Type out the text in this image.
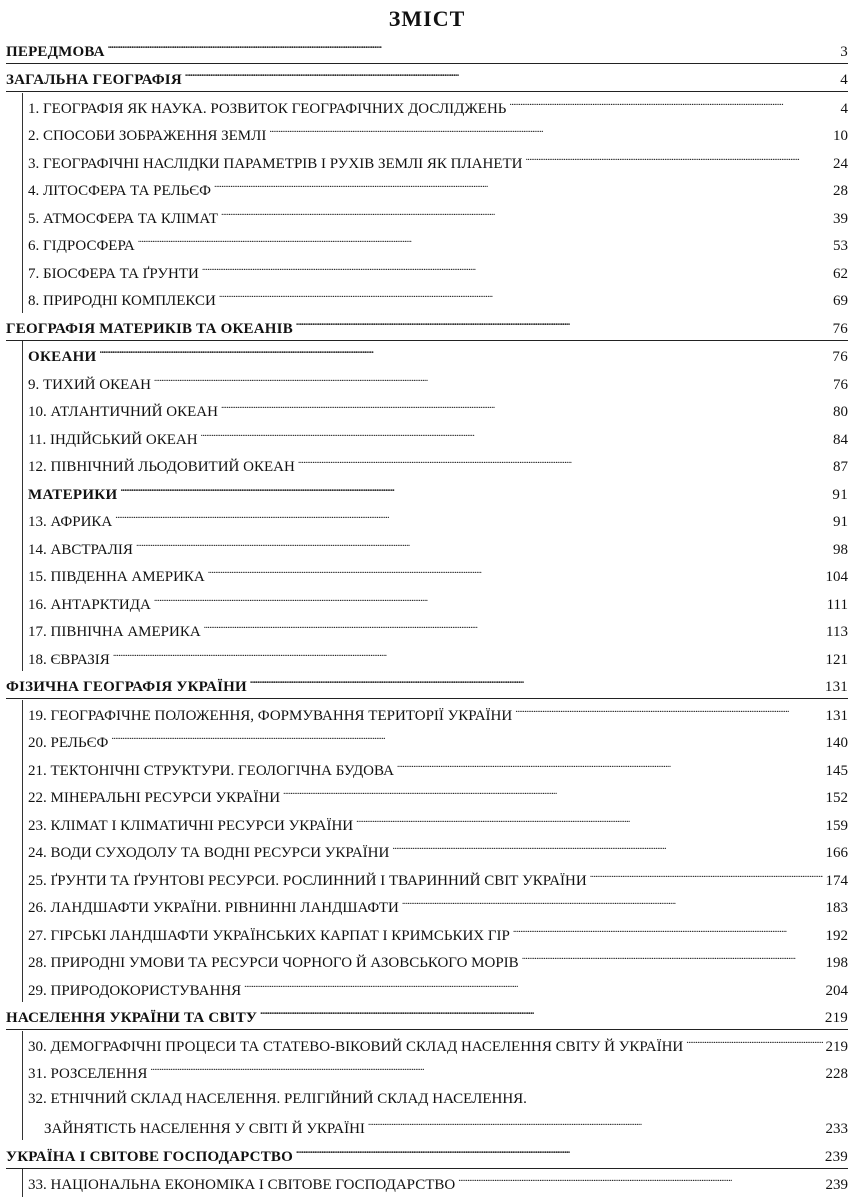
ЗМІСТ
ПЕРЕДМОВА . . .	3
ЗАГАЛЬНА ГЕОГРАФІЯ . . .	4
1. ГЕОГРАФІЯ ЯК НАУКА. РОЗВИТОК ГЕОГРАФІЧНИХ ДОСЛІДЖЕНЬ . . .	4
2. СПОСОБИ ЗОБРАЖЕННЯ ЗЕМЛІ . . .	10
3. ГЕОГРАФІЧНІ НАСЛІДКИ ПАРАМЕТРІВ І РУХІВ ЗЕМЛІ ЯК ПЛАНЕТИ . . .	24
4. ЛІТОСФЕРА ТА РЕЛЬЄФ . . .	28
5. АТМОСФЕРА ТА КЛІМАТ . . .	39
6. ГІДРОСФЕРА . . .	53
7. БІОСФЕРА ТА ҐРУНТИ . . .	62
8. ПРИРОДНІ КОМПЛЕКСИ . . .	69
ГЕОГРАФІЯ МАТЕРИКІВ ТА ОКЕАНІВ . . .	76
ОКЕАНИ . . .	76
9. ТИХИЙ ОКЕАН . . .	76
10. АТЛАНТИЧНИЙ ОКЕАН . . .	80
11. ІНДІЙСЬКИЙ ОКЕАН . . .	84
12. ПІВНІЧНИЙ ЛЬОДОВИТИЙ ОКЕАН . . .	87
МАТЕРИКИ . . .	91
13. АФРИКА . . .	91
14. АВСТРАЛІЯ . . .	98
15. ПІВДЕННА АМЕРИКА . . .	104
16. АНТАРКТИДА . . .	111
17. ПІВНІЧНА АМЕРИКА . . .	113
18. ЄВРАЗІЯ . . .	121
ФІЗИЧНА ГЕОГРАФІЯ УКРАЇНИ . . .	131
19. ГЕОГРАФІЧНЕ ПОЛОЖЕННЯ, ФОРМУВАННЯ ТЕРИТОРІЇ УКРАЇНИ . . .	131
20. РЕЛЬЄФ . . .	140
21. ТЕКТОНІЧНІ СТРУКТУРИ. ГЕОЛОГІЧНА БУДОВА . . .	145
22. МІНЕРАЛЬНІ РЕСУРСИ УКРАЇНИ . . .	152
23. КЛІМАТ І КЛІМАТИЧНІ РЕСУРСИ УКРАЇНИ . . .	159
24. ВОДИ СУХОДОЛУ ТА ВОДНІ РЕСУРСИ УКРАЇНИ . . .	166
25. ҐРУНТИ ТА ҐРУНТОВІ РЕСУРСИ. РОСЛИННИЙ І ТВАРИННИЙ СВІТ УКРАЇНИ . . .	174
26. ЛАНДШАФТИ УКРАЇНИ. РІВНИННІ ЛАНДШАФТИ . . .	183
27. ГІРСЬКІ ЛАНДШАФТИ УКРАЇНСЬКИХ КАРПАТ І КРИМСЬКИХ ГІР . . .	192
28. ПРИРОДНІ УМОВИ ТА РЕСУРСИ ЧОРНОГО Й АЗОВСЬКОГО МОРІВ . . .	198
29. ПРИРОДОКОРИСТУВАННЯ . . .	204
НАСЕЛЕННЯ УКРАЇНИ ТА СВІТУ . . .	219
30. ДЕМОГРАФІЧНІ ПРОЦЕСИ ТА СТАТЕВО-ВІКОВИЙ СКЛАД НАСЕЛЕННЯ СВІТУ Й УКРАЇНИ . . .	219
31. РОЗСЕЛЕННЯ . . .	228
32. ЕТНІЧНИЙ СКЛАД НАСЕЛЕННЯ. РЕЛІГІЙНИЙ СКЛАД НАСЕЛЕННЯ.
ЗАЙНЯТІСТЬ НАСЕЛЕННЯ У СВІТІ Й УКРАЇНІ . . .	233
УКРАЇНА І СВІТОВЕ ГОСПОДАРСТВО . . .	239
33. НАЦІОНАЛЬНА ЕКОНОМІКА І СВІТОВЕ ГОСПОДАРСТВО . . .	239
